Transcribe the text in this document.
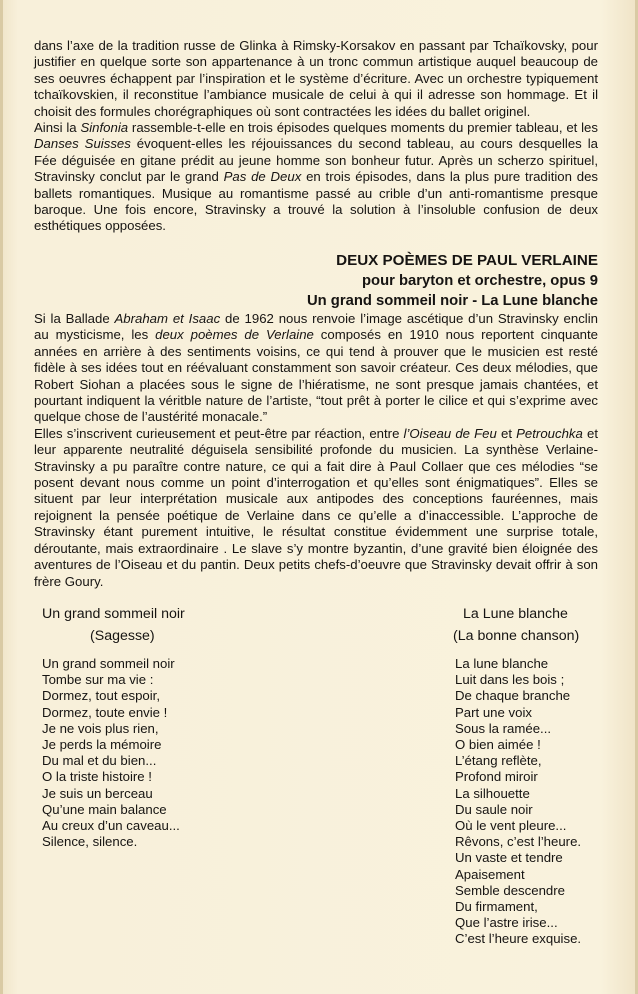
dans l’axe de la tradition russe de Glinka à Rimsky-Korsakov en passant par Tchaïkovsky, pour justifier en quelque sorte son appartenance à un tronc commun artistique auquel beaucoup de ses oeuvres échappent par l’inspiration et le système d’écriture. Avec un orchestre typiquement tchaïkovskien, il reconstitue l’ambiance musicale de celui à qui il adresse son hommage. Et il choisit des formules chorégraphiques où sont contractées les idées du ballet originel.

Ainsi la Sinfonia rassemble-t-elle en trois épisodes quelques moments du premier tableau, et les Danses Suisses évoquent-elles les réjouissances du second tableau, au cours desquelles la Fée déguisée en gitane prédit au jeune homme son bonheur futur. Après un scherzo spirituel, Stravinsky conclut par le grand Pas de Deux en trois épisodes, dans la plus pure tradition des ballets romantiques. Musique au romantisme passé au crible d’un anti-romantisme presque baroque. Une fois encore, Stravinsky a trouvé la solution à l’insoluble confusion de deux esthétiques opposées.

DEUX POÈMES DE PAUL VERLAINE
pour baryton et orchestre, opus 9
Un grand sommeil noir - La Lune blanche

Si la Ballade Abraham et Isaac de 1962 nous renvoie l’image ascétique d’un Stravinsky enclin au mysticisme, les deux poèmes de Verlaine composés en 1910 nous reportent cinquante années en arrière à des sentiments voisins, ce qui tend à prouver que le musicien est resté fidèle à ses idées tout en réévaluant constamment son savoir créateur. Ces deux mélodies, que Robert Siohan a placées sous le signe de l’hiératisme, ne sont presque jamais chantées, et pourtant indiquent la véritble nature de l’artiste, “tout prêt à porter le cilice et qui s’exprime avec quelque chose de l’austérité monacale.”

Elles s’inscrivent curieusement et peut-être par réaction, entre l’Oiseau de Feu et Petrouchka et leur apparente neutralité déguisela sensibilité profonde du musicien. La synthèse Verlaine-Stravinsky a pu paraître contre nature, ce qui a fait dire à Paul Collaer que ces mélodies “se posent devant nous comme un point d’interrogation et qu’elles sont énigmatiques”. Elles se situent par leur interprétation musicale aux antipodes des conceptions fauréennes, mais rejoignent la pensée poétique de Verlaine dans ce qu’elle a d’inaccessible. L’approche de Stravinsky étant purement intuitive, le résultat constitue évidemment une surprise totale, déroutante, mais extraordinaire . Le slave s’y montre byzantin, d’une gravité bien éloignée des aventures de l’Oiseau et du pantin. Deux petits chefs-d’oeuvre que Stravinsky devait offrir à son frère Goury.

Un grand sommeil noir
(Sagesse)
Un grand sommeil noir
Tombe sur ma vie :
Dormez, tout espoir,
Dormez, toute envie !
Je ne vois plus rien,
Je perds la mémoire
Du mal et du bien...
O la triste histoire !
Je suis un berceau
Qu’une main balance
Au creux d’un caveau...
Silence, silence.
La Lune blanche
(La bonne chanson)
La lune blanche
Luit dans les bois ;
De chaque branche
Part une voix
Sous la ramée...
O bien aimée !
L’étang reflète,
Profond miroir
La silhouette
Du saule noir
Où le vent pleure...
Rêvons, c’est l’heure.
Un vaste et tendre
Apaisement
Semble descendre
Du firmament,
Que l’astre irise...
C’est l’heure exquise.
